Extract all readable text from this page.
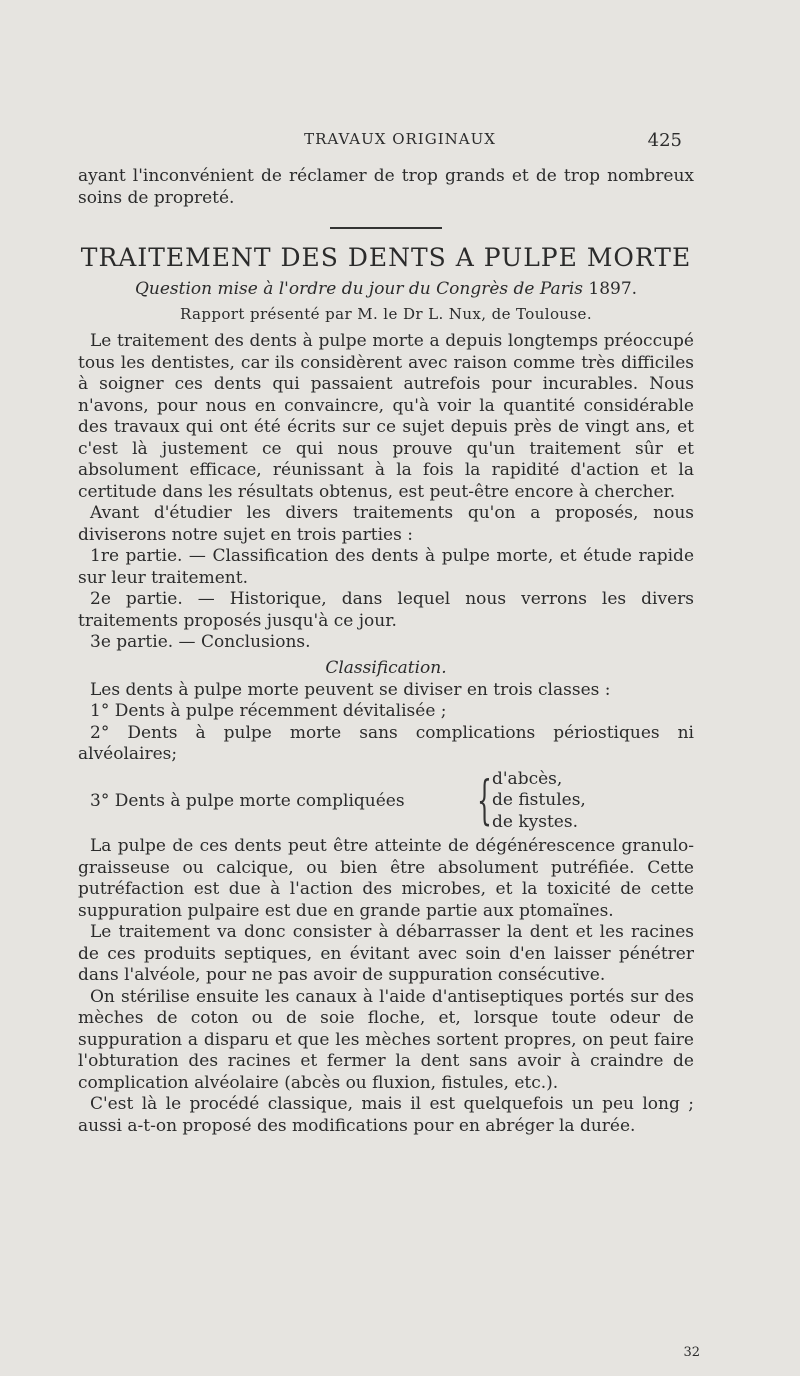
TRAVAUX ORIGINAUX	425

ayant l'inconvénient de réclamer de trop grands et de trop nombreux soins de propreté.

TRAITEMENT DES DENTS A PULPE MORTE
Question mise à l'ordre du jour du Congrès de Paris 1897.
Rapport présenté par M. le Dr L. Nux, de Toulouse.

Le traitement des dents à pulpe morte a depuis longtemps préoccupé tous les dentistes, car ils considèrent avec raison comme très difficiles à soigner ces dents qui passaient autrefois pour incurables. Nous n'avons, pour nous en convaincre, qu'à voir la quantité considérable des travaux qui ont été écrits sur ce sujet depuis près de vingt ans, et c'est là justement ce qui nous prouve qu'un traitement sûr et absolument efficace, réunissant à la fois la rapidité d'action et la certitude dans les résultats obtenus, est peut-être encore à chercher.

Avant d'étudier les divers traitements qu'on a proposés, nous diviserons notre sujet en trois parties :

1re partie. — Classification des dents à pulpe morte, et étude rapide sur leur traitement.

2e partie. — Historique, dans lequel nous verrons les divers traitements proposés jusqu'à ce jour.

3e partie. — Conclusions.

Classification.

Les dents à pulpe morte peuvent se diviser en trois classes :

1° Dents à pulpe récemment dévitalisée ;

2° Dents à pulpe morte sans complications périostiques ni alvéolaires;

3° Dents à pulpe morte compliquées	{ d'abcès,
de fistules,
de kystes.

La pulpe de ces dents peut être atteinte de dégénérescence granulo-graisseuse ou calcique, ou bien être absolument putréfiée. Cette putréfaction est due à l'action des microbes, et la toxicité de cette suppuration pulpaire est due en grande partie aux ptomaïnes.

Le traitement va donc consister à débarrasser la dent et les racines de ces produits septiques, en évitant avec soin d'en laisser pénétrer dans l'alvéole, pour ne pas avoir de suppuration consécutive.

On stérilise ensuite les canaux à l'aide d'antiseptiques portés sur des mèches de coton ou de soie floche, et, lorsque toute odeur de suppuration a disparu et que les mèches sortent propres, on peut faire l'obturation des racines et fermer la dent sans avoir à craindre de complication alvéolaire (abcès ou fluxion, fistules, etc.).

C'est là le procédé classique, mais il est quelquefois un peu long ; aussi a-t-on proposé des modifications pour en abréger la durée.

32
